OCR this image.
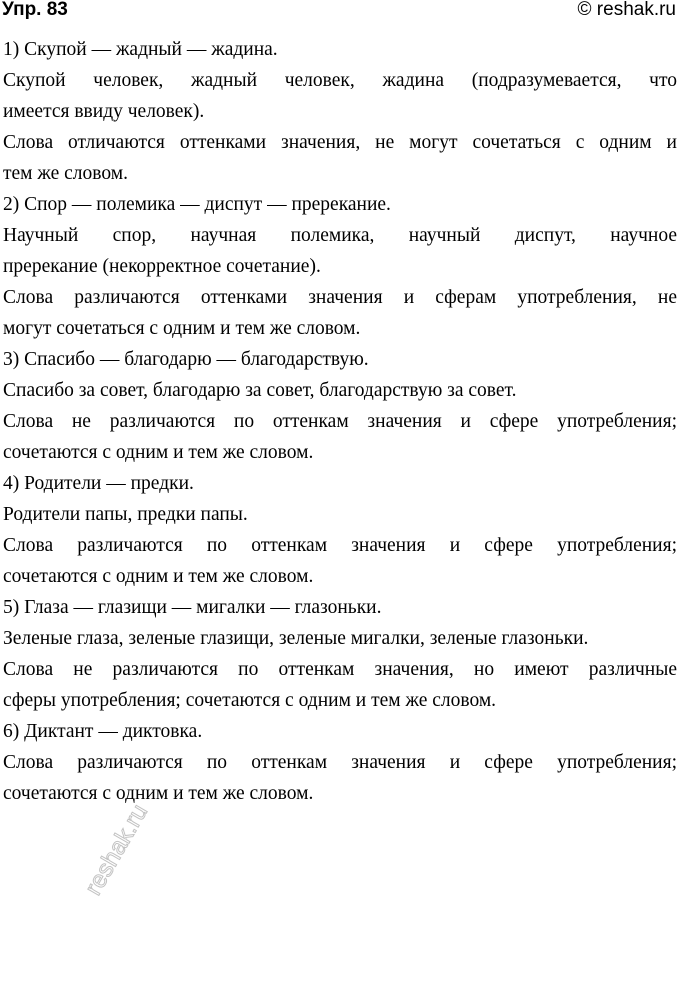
Упр. 83	© reshak.ru
1) Скупой — жадный — жадина.
Скупой человек, жадный человек, жадина (подразумевается, что
имеется ввиду человек).
Слова отличаются оттенками значения, не могут сочетаться с одним и
тем же словом.
2) Спор — полемика — диспут — пререкание.
Научный спор, научная полемика, научный диспут, научное
пререкание (некорректное сочетание).
Слова различаются оттенками значения и сферам употребления, не
могут сочетаться с одним и тем же словом.
3) Спасибо — благодарю — благодарствую.
Спасибо за совет, благодарю за совет, благодарствую за совет.
Слова не различаются по оттенкам значения и сфере употребления;
сочетаются с одним и тем же словом.
4) Родители — предки.
Родители папы, предки папы.
Слова различаются по оттенкам значения и сфере употребления;
сочетаются с одним и тем же словом.
5) Глаза — глазищи — мигалки — глазоньки.
Зеленые глаза, зеленые глазищи, зеленые мигалки, зеленые глазоньки.
Слова не различаются по оттенкам значения, но имеют различные
сферы употребления; сочетаются с одним и тем же словом.
6) Диктант — диктовка.
Слова различаются по оттенкам значения и сфере употребления;
сочетаются с одним и тем же словом.
reshak.ru
